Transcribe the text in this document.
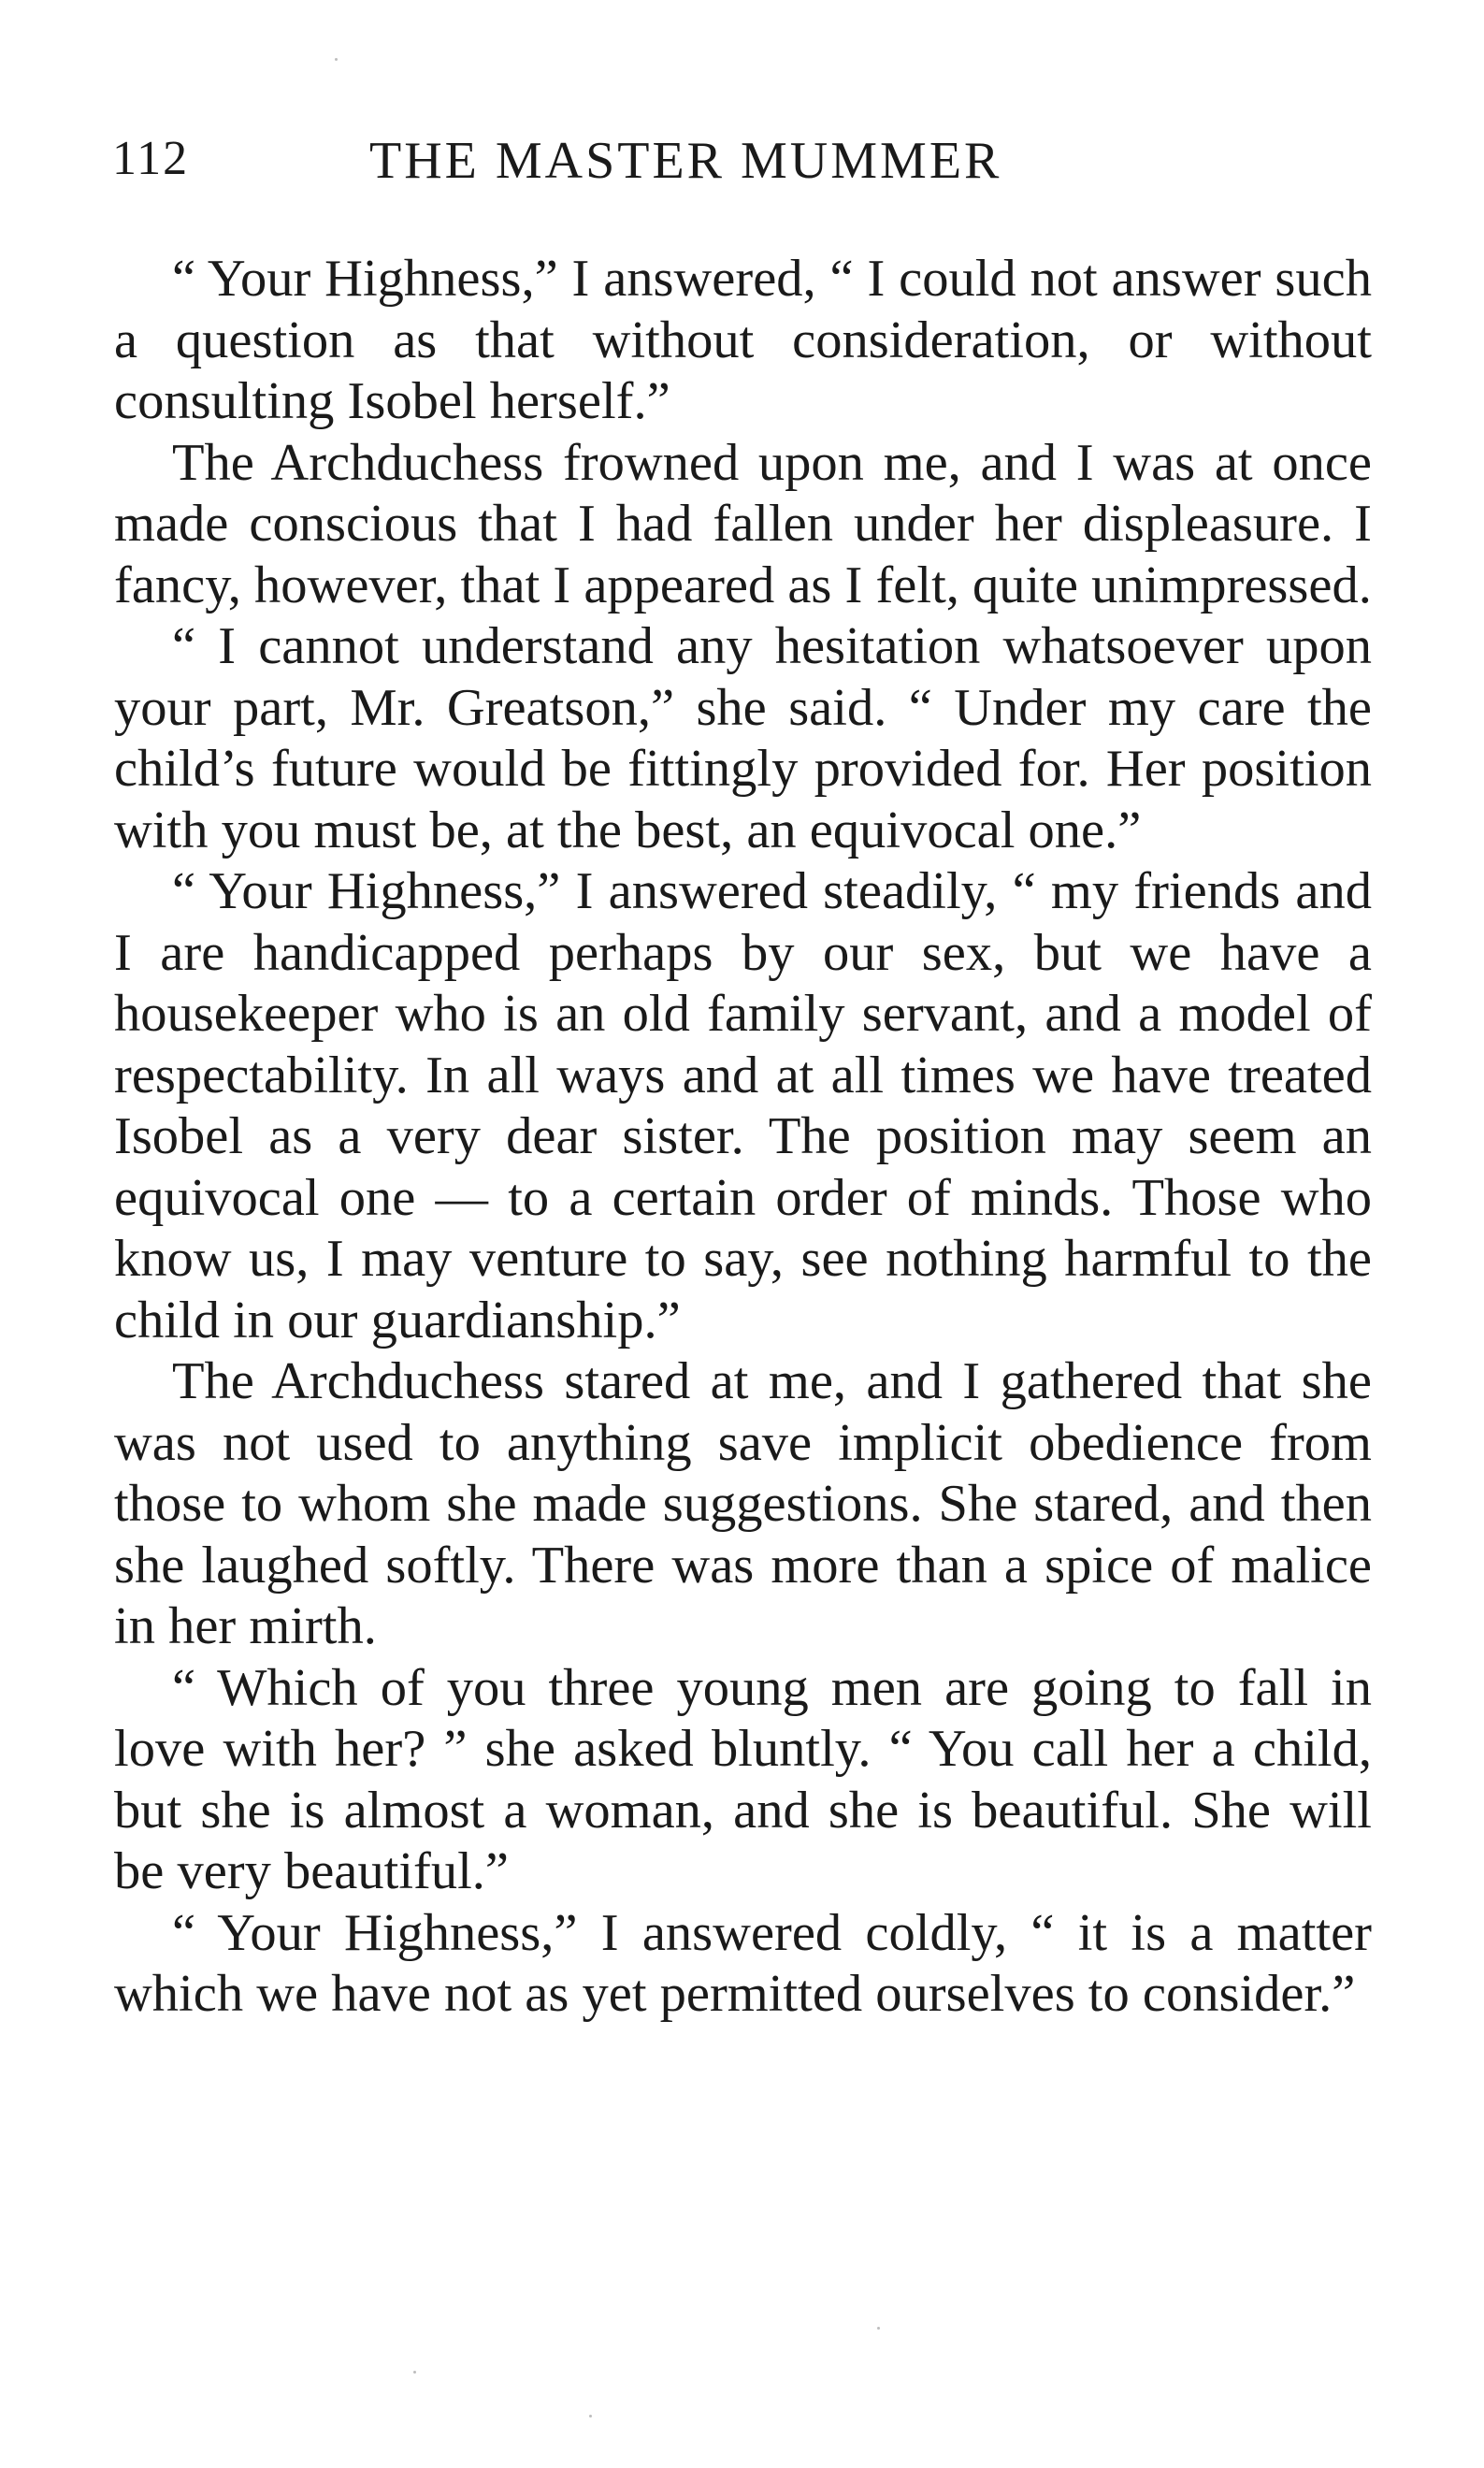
112	THE MASTER MUMMER

“ Your Highness,” I answered, “ I could not answer such a question as that without consideration, or without consulting Isobel herself.”

The Archduchess frowned upon me, and I was at once made conscious that I had fallen under her displeasure. I fancy, however, that I appeared as I felt, quite unimpressed.

“ I cannot understand any hesitation whatsoever upon your part, Mr. Greatson,” she said. “ Under my care the child’s future would be fittingly provided for. Her position with you must be, at the best, an equivocal one.”

“ Your Highness,” I answered steadily, “ my friends and I are handicapped perhaps by our sex, but we have a housekeeper who is an old family servant, and a model of respectability. In all ways and at all times we have treated Isobel as a very dear sister. The position may seem an equivocal one — to a certain order of minds. Those who know us, I may venture to say, see nothing harmful to the child in our guardianship.”

The Archduchess stared at me, and I gathered that she was not used to anything save implicit obedience from those to whom she made suggestions. She stared, and then she laughed softly. There was more than a spice of malice in her mirth.

“ Which of you three young men are going to fall in love with her? ” she asked bluntly. “ You call her a child, but she is almost a woman, and she is beautiful. She will be very beautiful.”

“ Your Highness,” I answered coldly, “ it is a matter which we have not as yet permitted ourselves to consider.”
